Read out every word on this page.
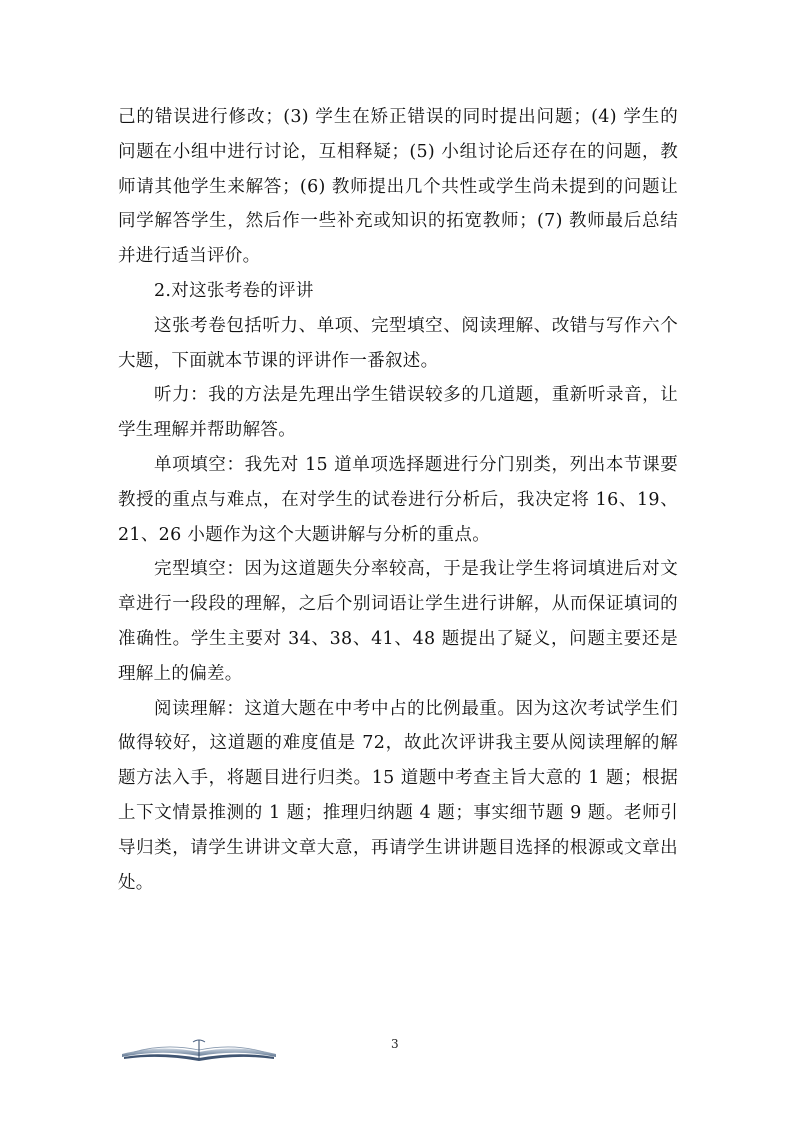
己的错误进行修改；(3) 学生在矫正错误的同时提出问题；(4) 学生的问题在小组中进行讨论，互相释疑；(5) 小组讨论后还存在的问题，教师请其他学生来解答；(6) 教师提出几个共性或学生尚未提到的问题让同学解答学生，然后作一些补充或知识的拓宽教师；(7) 教师最后总结并进行适当评价。

2.对这张考卷的评讲

这张考卷包括听力、单项、完型填空、阅读理解、改错与写作六个大题，下面就本节课的评讲作一番叙述。

听力：我的方法是先理出学生错误较多的几道题，重新听录音，让学生理解并帮助解答。

单项填空：我先对 15 道单项选择题进行分门别类，列出本节课要教授的重点与难点，在对学生的试卷进行分析后，我决定将 16、19、21、26 小题作为这个大题讲解与分析的重点。

完型填空：因为这道题失分率较高，于是我让学生将词填进后对文章进行一段段的理解，之后个别词语让学生进行讲解，从而保证填词的准确性。学生主要对 34、38、41、48 题提出了疑义，问题主要还是理解上的偏差。

阅读理解：这道大题在中考中占的比例最重。因为这次考试学生们做得较好，这道题的难度值是 72，故此次评讲我主要从阅读理解的解题方法入手，将题目进行归类。15 道题中考查主旨大意的 1 题；根据上下文情景推测的 1 题；推理归纳题 4 题；事实细节题 9 题。老师引导归类，请学生讲讲文章大意，再请学生讲讲题目选择的根源或文章出处。

3
